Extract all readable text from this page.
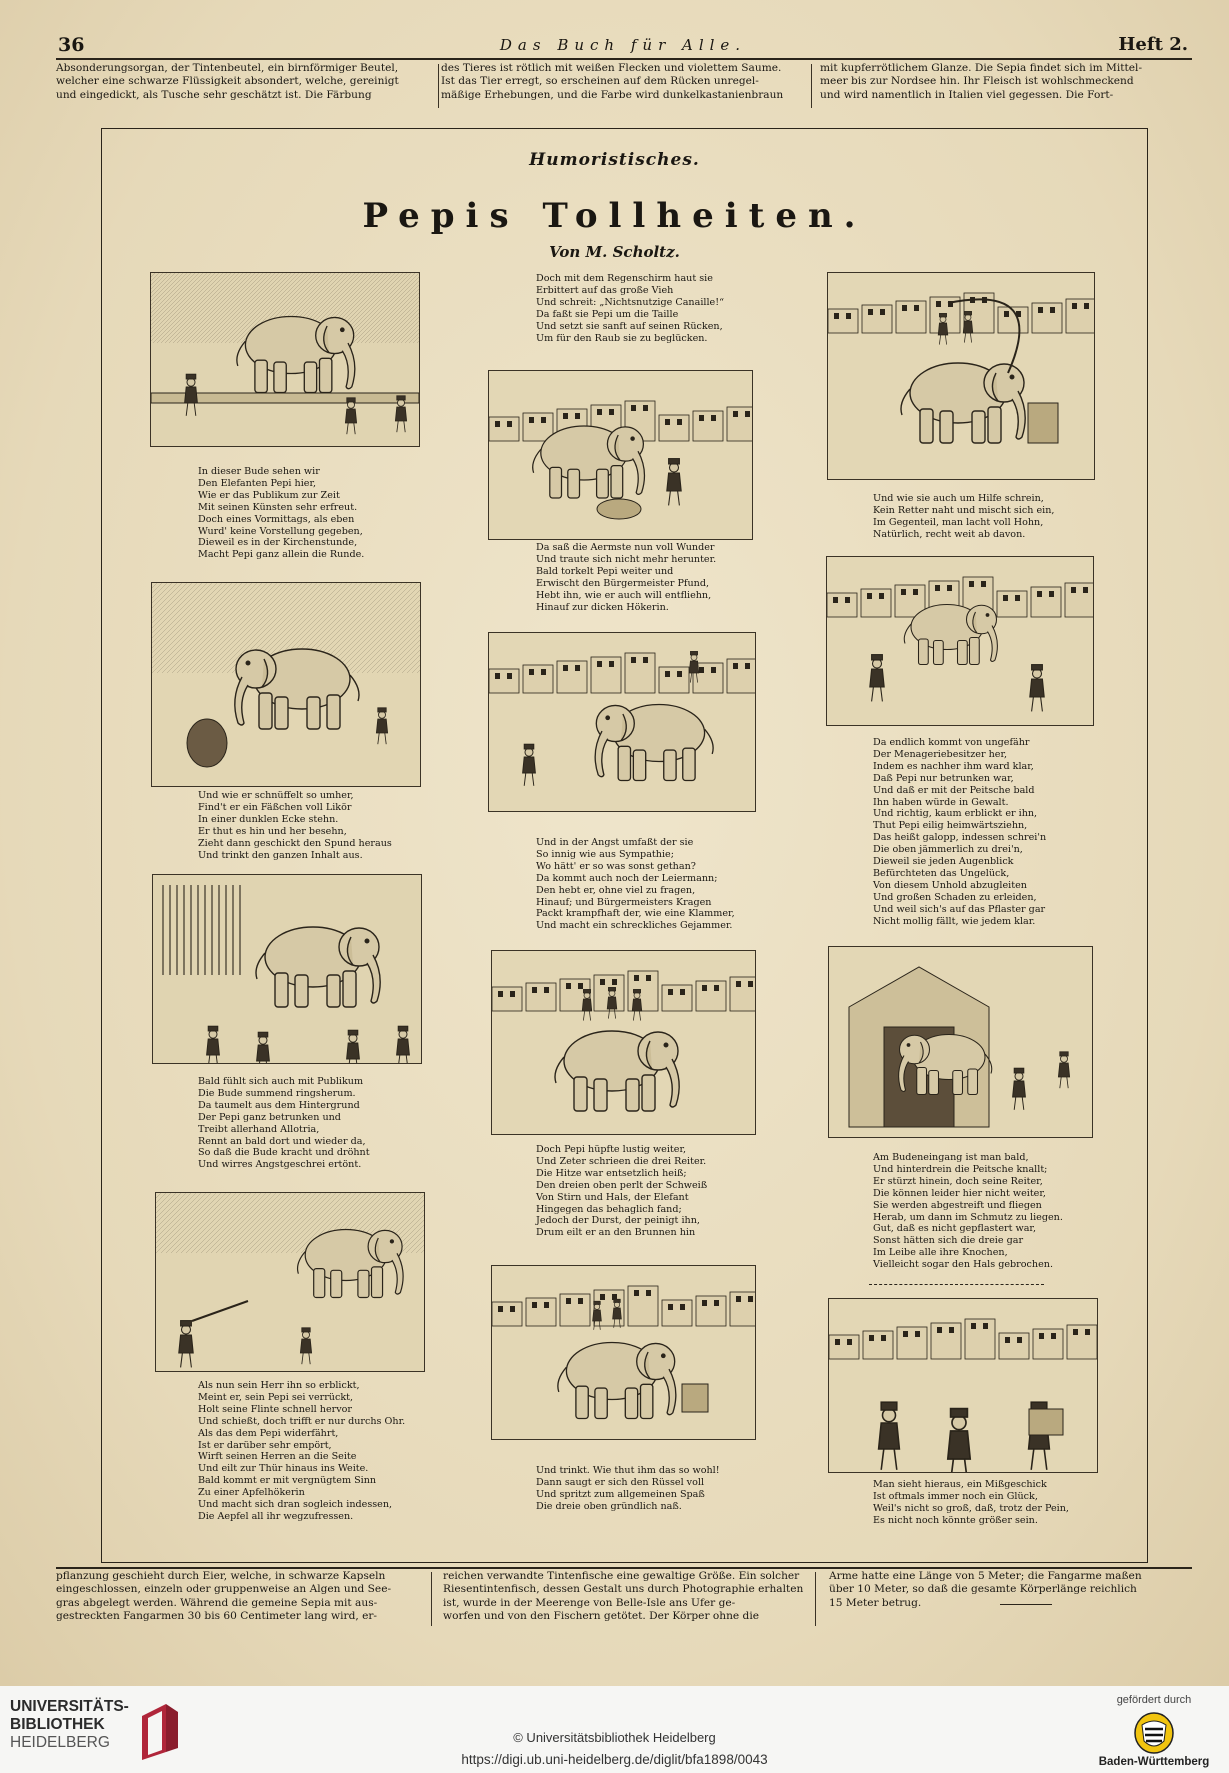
36	Das Buch für Alle.	Heft 2.
Absonderungsorgan, der Tintenbeutel, ein birnförmiger Beutel,
welcher eine schwarze Flüssigkeit absondert, welche, gereinigt
und eingedickt, als Tusche sehr geschätzt ist. Die Färbung
des Tieres ist rötlich mit weißen Flecken und violettem Saume.
Ist das Tier erregt, so erscheinen auf dem Rücken unregel-
mäßige Erhebungen, und die Farbe wird dunkelkastanienbraun
mit kupferrötlichem Glanze. Die Sepia findet sich im Mittel-
meer bis zur Nordsee hin. Ihr Fleisch ist wohlschmeckend
und wird namentlich in Italien viel gegessen. Die Fort-
Humoristisches.
Pepis Tollheiten.
Von M. Scholtz.
In dieser Bude sehen wir
Den Elefanten Pepi hier,
Wie er das Publikum zur Zeit
Mit seinen Künsten sehr erfreut.
Doch eines Vormittags, als eben
Wurd' keine Vorstellung gegeben,
Dieweil es in der Kirchenstunde,
Macht Pepi ganz allein die Runde.
Und wie er schnüffelt so umher,
Find't er ein Fäßchen voll Likör
In einer dunklen Ecke stehn.
Er thut es hin und her besehn,
Zieht dann geschickt den Spund heraus
Und trinkt den ganzen Inhalt aus.
Bald fühlt sich auch mit Publikum
Die Bude summend ringsherum.
Da taumelt aus dem Hintergrund
Der Pepi ganz betrunken und
Treibt allerhand Allotria,
Rennt an bald dort und wieder da,
So daß die Bude kracht und dröhnt
Und wirres Angstgeschrei ertönt.
Als nun sein Herr ihn so erblickt,
Meint er, sein Pepi sei verrückt,
Holt seine Flinte schnell hervor
Und schießt, doch trifft er nur durchs Ohr.
Als das dem Pepi widerfährt,
Ist er darüber sehr empört,
Wirft seinen Herren an die Seite
Und eilt zur Thür hinaus ins Weite.
Bald kommt er mit vergnügtem Sinn
Zu einer Apfelhökerin
Und macht sich dran sogleich indessen,
Die Aepfel all ihr wegzufressen.
Doch mit dem Regenschirm haut sie
Erbittert auf das große Vieh
Und schreit: „Nichtsnutzige Canaille!“
Da faßt sie Pepi um die Taille
Und setzt sie sanft auf seinen Rücken,
Um für den Raub sie zu beglücken.
Da saß die Aermste nun voll Wunder
Und traute sich nicht mehr herunter.
Bald torkelt Pepi weiter und
Erwischt den Bürgermeister Pfund,
Hebt ihn, wie er auch will entfliehn,
Hinauf zur dicken Hökerin.
Und in der Angst umfaßt der sie
So innig wie aus Sympathie;
Wo hätt' er so was sonst gethan?
Da kommt auch noch der Leiermann;
Den hebt er, ohne viel zu fragen,
Hinauf; und Bürgermeisters Kragen
Packt krampfhaft der, wie eine Klammer,
Und macht ein schreckliches Gejammer.
Doch Pepi hüpfte lustig weiter,
Und Zeter schrieen die drei Reiter.
Die Hitze war entsetzlich heiß;
Den dreien oben perlt der Schweiß
Von Stirn und Hals, der Elefant
Hingegen das behaglich fand;
Jedoch der Durst, der peinigt ihn,
Drum eilt er an den Brunnen hin
Und trinkt. Wie thut ihm das so wohl!
Dann saugt er sich den Rüssel voll
Und spritzt zum allgemeinen Spaß
Die dreie oben gründlich naß.
Und wie sie auch um Hilfe schrein,
Kein Retter naht und mischt sich ein,
Im Gegenteil, man lacht voll Hohn,
Natürlich, recht weit ab davon.
Da endlich kommt von ungefähr
Der Menageriebesitzer her,
Indem es nachher ihm ward klar,
Daß Pepi nur betrunken war,
Und daß er mit der Peitsche bald
Ihn haben würde in Gewalt.
Und richtig, kaum erblickt er ihn,
Thut Pepi eilig heimwärtsziehn,
Das heißt galopp, indessen schrei'n
Die oben jämmerlich zu drei'n,
Dieweil sie jeden Augenblick
Befürchteten das Ungelück,
Von diesem Unhold abzugleiten
Und großen Schaden zu erleiden,
Und weil sich's auf das Pflaster gar
Nicht mollig fällt, wie jedem klar.
Am Budeneingang ist man bald,
Und hinterdrein die Peitsche knallt;
Er stürzt hinein, doch seine Reiter,
Die können leider hier nicht weiter,
Sie werden abgestreift und fliegen
Herab, um dann im Schmutz zu liegen.
Gut, daß es nicht gepflastert war,
Sonst hätten sich die dreie gar
Im Leibe alle ihre Knochen,
Vielleicht sogar den Hals gebrochen.
Man sieht hieraus, ein Mißgeschick
Ist oftmals immer noch ein Glück,
Weil's nicht so groß, daß, trotz der Pein,
Es nicht noch könnte größer sein.
pflanzung geschieht durch Eier, welche, in schwarze Kapseln
eingeschlossen, einzeln oder gruppenweise an Algen und See-
gras abgelegt werden. Während die gemeine Sepia mit aus-
gestreckten Fangarmen 30 bis 60 Centimeter lang wird, er-
reichen verwandte Tintenfische eine gewaltige Größe. Ein solcher
Riesentintenfisch, dessen Gestalt uns durch Photographie erhalten
ist, wurde in der Meerenge von Belle-Isle ans Ufer ge-
worfen und von den Fischern getötet. Der Körper ohne die
Arme hatte eine Länge von 5 Meter; die Fangarme maßen
über 10 Meter, so daß die gesamte Körperlänge reichlich
15 Meter betrug.
UNIVERSITÄTS-
BIBLIOTHEK
HEIDELBERG	© Universitätsbibliothek Heidelberg
https://digi.ub.uni-heidelberg.de/diglit/bfa1898/0043
gefördert durch
Baden-Württemberg
